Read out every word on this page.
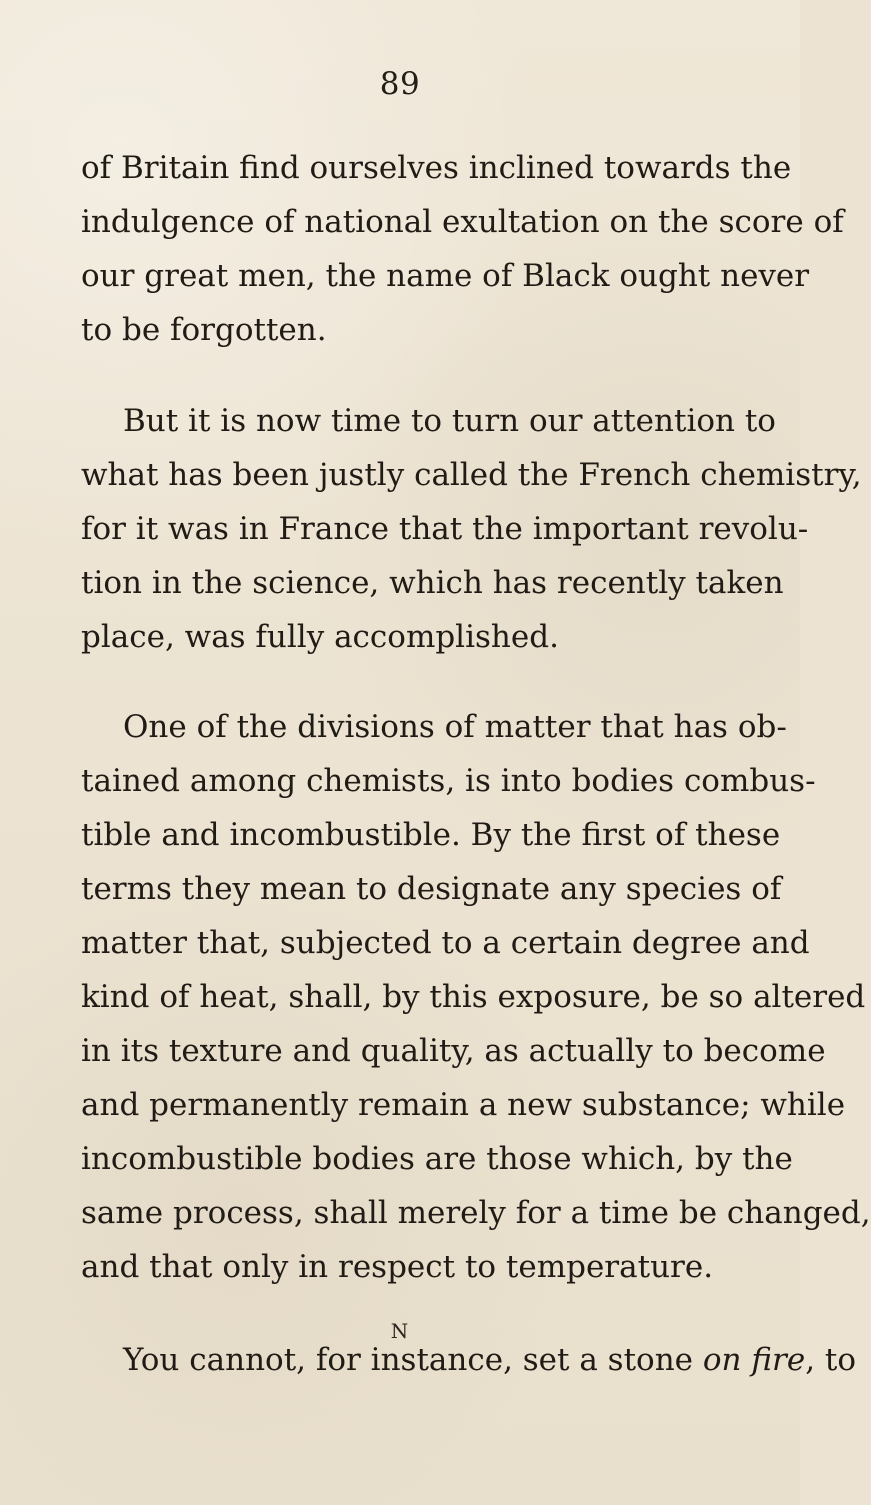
89

of Britain find ourselves inclined towards the
indulgence of national exultation on the score of
our great men, the name of Black ought never
to be forgotten.

But it is now time to turn our attention to
what has been justly called the French chemistry,
for it was in France that the important revolu-
tion in the science, which has recently taken
place, was fully accomplished.

One of the divisions of matter that has ob-
tained among chemists, is into bodies combus-
tible and incombustible. By the first of these
terms they mean to designate any species of
matter that, subjected to a certain degree and
kind of heat, shall, by this exposure, be so altered
in its texture and quality, as actually to become
and permanently remain a new substance; while
incombustible bodies are those which, by the
same process, shall merely for a time be changed,
and that only in respect to temperature.

You cannot, for instance, set a stone on fire, to

N
